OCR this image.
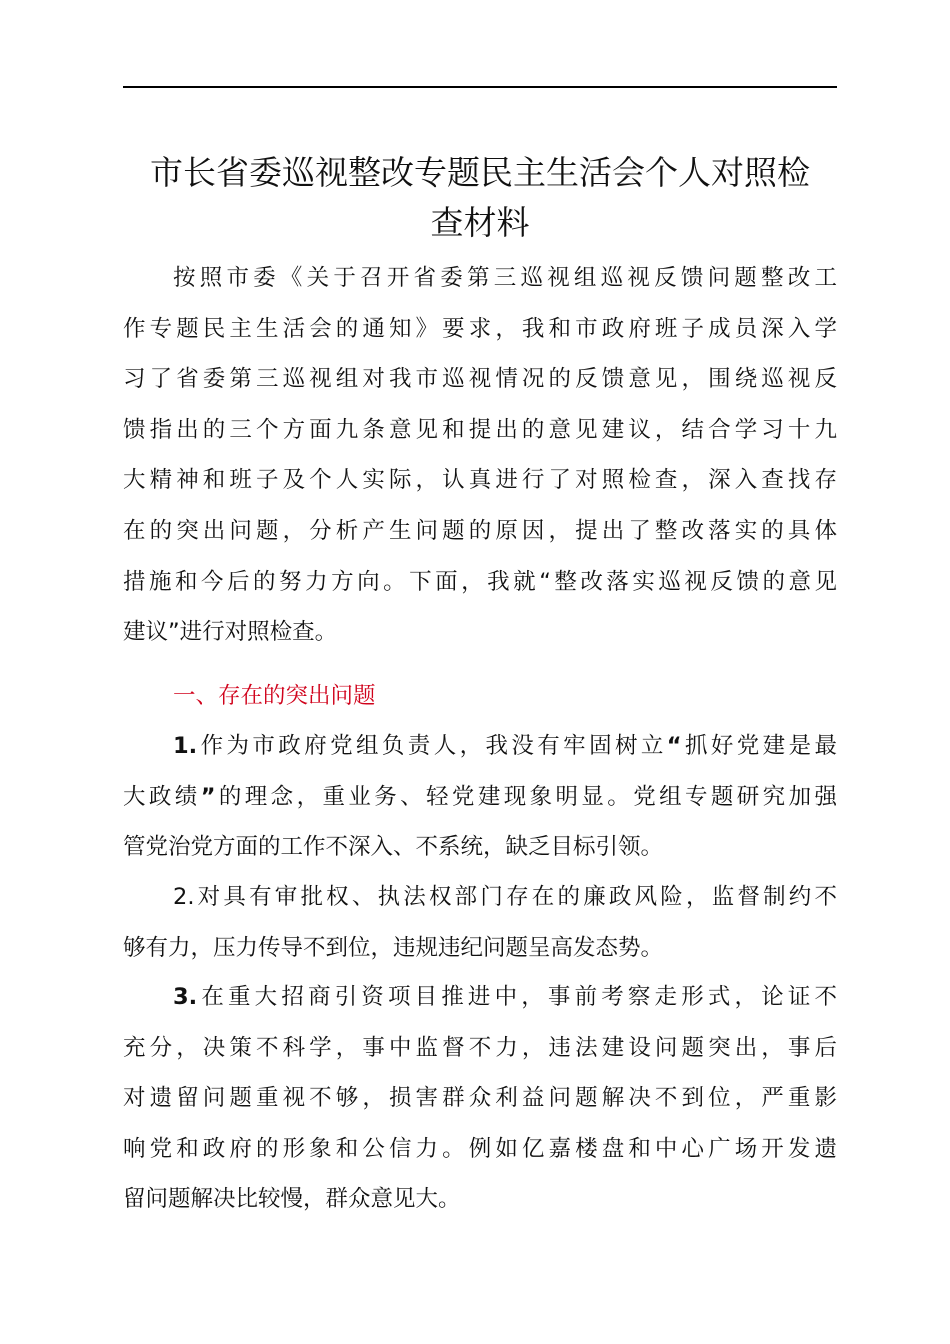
市长省委巡视整改专题民主生活会个人对照检
查材料
按照市委《关于召开省委第三巡视组巡视反馈问题整改工
作专题民主生活会的通知》要求，我和市政府班子成员深入学
习了省委第三巡视组对我市巡视情况的反馈意见，围绕巡视反
馈指出的三个方面九条意见和提出的意见建议，结合学习十九
大精神和班子及个人实际，认真进行了对照检查，深入查找存
在的突出问题，分析产生问题的原因，提出了整改落实的具体
措施和今后的努力方向。下面，我就“整改落实巡视反馈的意见
建议”进行对照检查。
一、存在的突出问题
1.作为市政府党组负责人，我没有牢固树立“抓好党建是最
大政绩”的理念，重业务、轻党建现象明显。党组专题研究加强
管党治党方面的工作不深入、不系统，缺乏目标引领。
2.对具有审批权、执法权部门存在的廉政风险，监督制约不
够有力，压力传导不到位，违规违纪问题呈高发态势。
3.在重大招商引资项目推进中，事前考察走形式，论证不
充分，决策不科学，事中监督不力，违法建设问题突出，事后
对遗留问题重视不够，损害群众利益问题解决不到位，严重影
响党和政府的形象和公信力。例如亿嘉楼盘和中心广场开发遗
留问题解决比较慢，群众意见大。
